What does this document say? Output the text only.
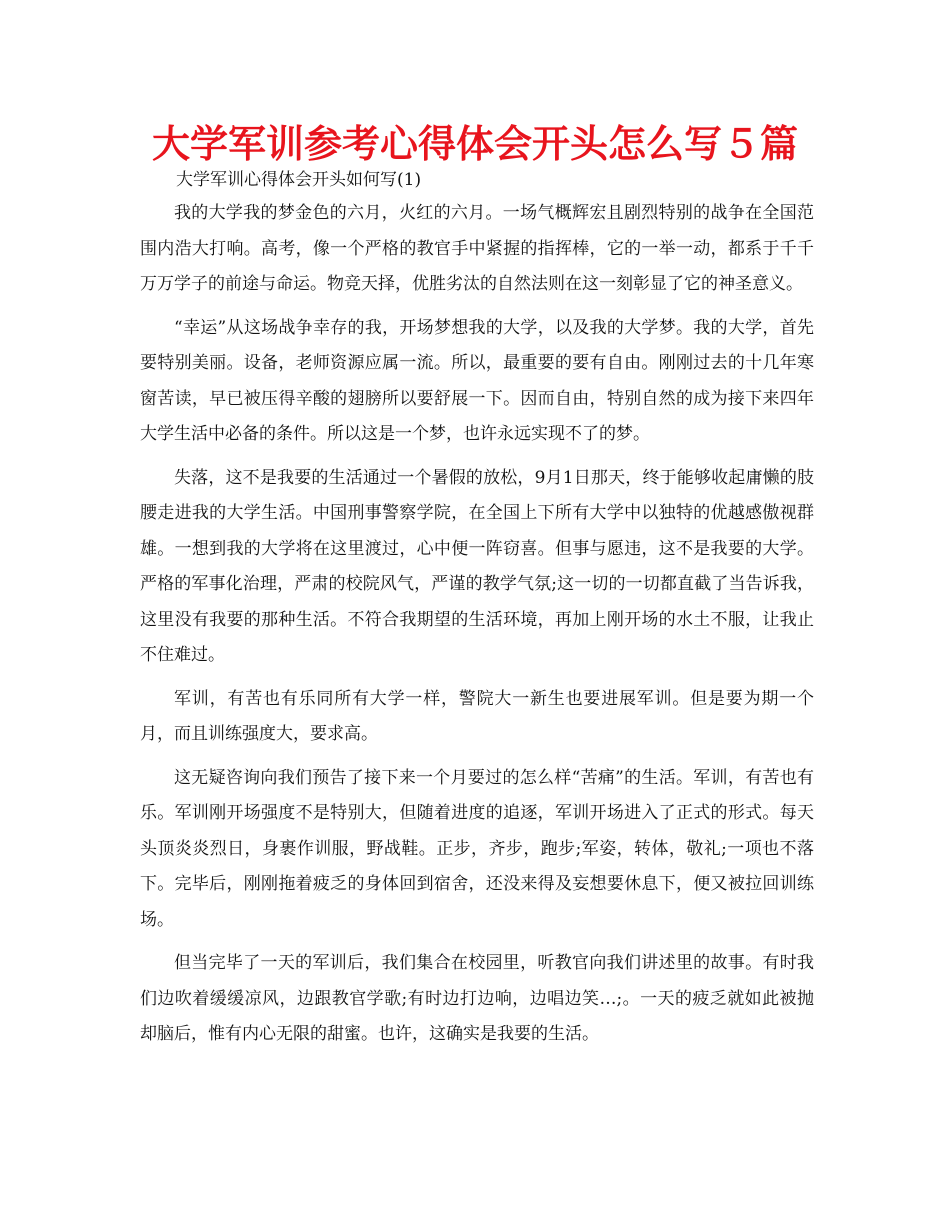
大学军训参考心得体会开头怎么写５篇

大学军训心得体会开头如何写(1)

我的大学我的梦金色的六月，火红的六月。一场气概辉宏且剧烈特别的战争在全国范围内浩大打响。高考，像一个严格的教官手中紧握的指挥棒，它的一举一动，都系于千千万万学子的前途与命运。物竞天择，优胜劣汰的自然法则在这一刻彰显了它的神圣意义。

“幸运”从这场战争幸存的我，开场梦想我的大学，以及我的大学梦。我的大学，首先要特别美丽。设备，老师资源应属一流。所以，最重要的要有自由。刚刚过去的十几年寒窗苦读，早已被压得辛酸的翅膀所以要舒展一下。因而自由，特别自然的成为接下来四年大学生活中必备的条件。所以这是一个梦，也许永远实现不了的梦。

失落，这不是我要的生活通过一个暑假的放松，9月1日那天，终于能够收起庸懒的肢腰走进我的大学生活。中国刑事警察学院，在全国上下所有大学中以独特的优越感傲视群雄。一想到我的大学将在这里渡过，心中便一阵窃喜。但事与愿违，这不是我要的大学。严格的军事化治理，严肃的校院风气，严谨的教学气氛;这一切的一切都直截了当告诉我，这里没有我要的那种生活。不符合我期望的生活环境，再加上刚开场的水土不服，让我止不住难过。

军训，有苦也有乐同所有大学一样，警院大一新生也要进展军训。但是要为期一个月，而且训练强度大，要求高。

这无疑咨询向我们预告了接下来一个月要过的怎么样“苦痛”的生活。军训，有苦也有乐。军训刚开场强度不是特别大，但随着进度的追逐，军训开场进入了正式的形式。每天头顶炎炎烈日，身裹作训服，野战鞋。正步，齐步，跑步;军姿，转体，敬礼;一项也不落下。完毕后，刚刚拖着疲乏的身体回到宿舍，还没来得及妄想要休息下，便又被拉回训练场。

但当完毕了一天的军训后，我们集合在校园里，听教官向我们讲述里的故事。有时我们边吹着缓缓凉风，边跟教官学歌;有时边打边响，边唱边笑…;。一天的疲乏就如此被抛却脑后，惟有内心无限的甜蜜。也许，这确实是我要的生活。
